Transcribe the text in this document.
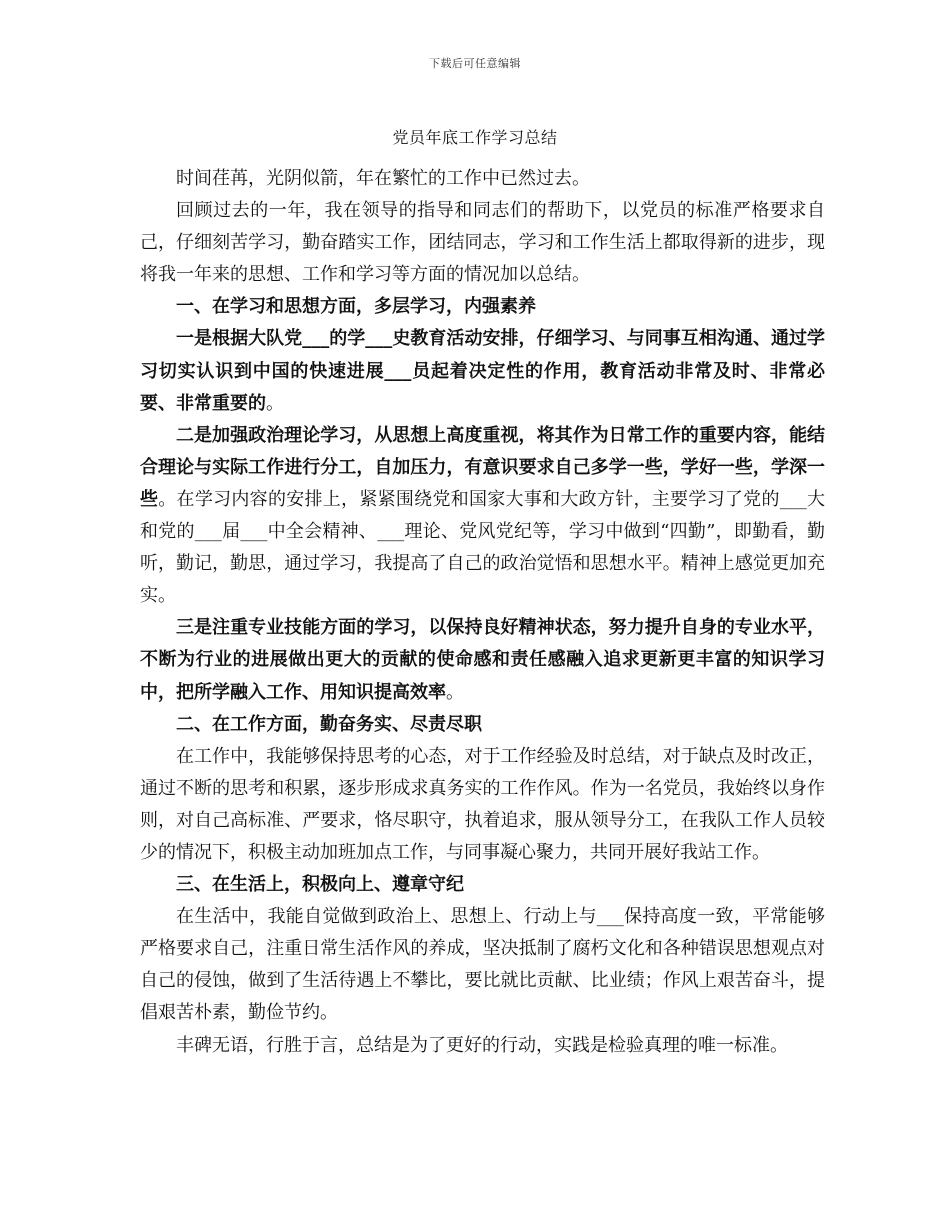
下载后可任意编辑
党员年底工作学习总结

时间荏苒，光阴似箭，年在繁忙的工作中已然过去。

回顾过去的一年，我在领导的指导和同志们的帮助下，以党员的标准严格要求自己，仔细刻苦学习，勤奋踏实工作，团结同志，学习和工作生活上都取得新的进步，现将我一年来的思想、工作和学习等方面的情况加以总结。

一、在学习和思想方面，多层学习，内强素养

一是根据大队党___的学___史教育活动安排，仔细学习、与同事互相沟通、通过学习切实认识到中国的快速进展___员起着决定性的作用，教育活动非常及时、非常必要、非常重要的。

二是加强政治理论学习，从思想上高度重视，将其作为日常工作的重要内容，能结合理论与实际工作进行分工，自加压力，有意识要求自己多学一些，学好一些，学深一些。在学习内容的安排上，紧紧围绕党和国家大事和大政方针，主要学习了党的___大和党的___届___中全会精神、___理论、党风党纪等，学习中做到“四勤”，即勤看，勤听，勤记，勤思，通过学习，我提高了自己的政治觉悟和思想水平。精神上感觉更加充实。

三是注重专业技能方面的学习，以保持良好精神状态，努力提升自身的专业水平，不断为行业的进展做出更大的贡献的使命感和责任感融入追求更新更丰富的知识学习中，把所学融入工作、用知识提高效率。

二、在工作方面，勤奋务实、尽责尽职

在工作中，我能够保持思考的心态，对于工作经验及时总结，对于缺点及时改正，通过不断的思考和积累，逐步形成求真务实的工作作风。作为一名党员，我始终以身作则，对自己高标准、严要求，恪尽职守，执着追求，服从领导分工，在我队工作人员较少的情况下，积极主动加班加点工作，与同事凝心聚力，共同开展好我站工作。

三、在生活上，积极向上、遵章守纪

在生活中，我能自觉做到政治上、思想上、行动上与___保持高度一致，平常能够严格要求自己，注重日常生活作风的养成，坚决抵制了腐朽文化和各种错误思想观点对自己的侵蚀，做到了生活待遇上不攀比，要比就比贡献、比业绩；作风上艰苦奋斗，提倡艰苦朴素，勤俭节约。

丰碑无语，行胜于言，总结是为了更好的行动，实践是检验真理的唯一标准。
